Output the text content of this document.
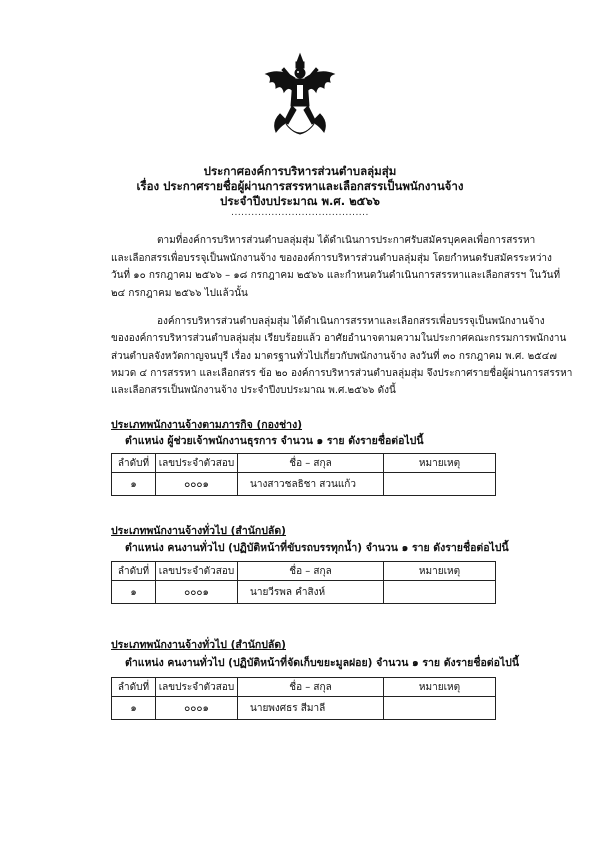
ประกาศองค์การบริหารส่วนตำบลลุ่มสุ่ม
เรื่อง ประกาศรายชื่อผู้ผ่านการสรรหาและเลือกสรรเป็นพนักงานจ้าง
ประจำปีงบประมาณ พ.ศ. ๒๕๖๖
.........................................
ตามที่องค์การบริหารส่วนตำบลลุ่มสุ่ม ได้ดำเนินการประกาศรับสมัครบุคคลเพื่อการสรรหา
และเลือกสรรเพื่อบรรจุเป็นพนักงานจ้าง ขององค์การบริหารส่วนตำบลลุ่มสุ่ม โดยกำหนดรับสมัครระหว่าง
วันที่ ๑๐ กรกฎาคม ๒๕๖๖ – ๑๘ กรกฎาคม ๒๕๖๖ และกำหนดวันดำเนินการสรรหาและเลือกสรรฯ ในวันที่
๒๔ กรกฎาคม ๒๕๖๖ ไปแล้วนั้น
องค์การบริหารส่วนตำบลลุ่มสุ่ม ได้ดำเนินการสรรหาและเลือกสรรเพื่อบรรจุเป็นพนักงานจ้าง
ขององค์การบริหารส่วนตำบลลุ่มสุ่ม เรียบร้อยแล้ว อาศัยอำนาจตามความในประกาศคณะกรรมการพนักงาน
ส่วนตำบลจังหวัดกาญจนบุรี เรื่อง มาตรฐานทั่วไปเกี่ยวกับพนักงานจ้าง ลงวันที่ ๓๐ กรกฎาคม พ.ศ. ๒๕๔๗
หมวด ๔ การสรรหา และเลือกสรร ข้อ ๒๐ องค์การบริหารส่วนตำบลลุ่มสุ่ม จึงประกาศรายชื่อผู้ผ่านการสรรหา
และเลือกสรรเป็นพนักงานจ้าง ประจำปีงบประมาณ พ.ศ.๒๕๖๖ ดังนี้
ประเภทพนักงานจ้างตามภารกิจ (กองช่าง)
ตำแหน่ง ผู้ช่วยเจ้าพนักงานธุรการ จำนวน ๑ ราย ดังรายชื่อต่อไปนี้
ลำดับที่	เลขประจำตัวสอบ	ชื่อ – สกุล	หมายเหตุ
๑	๐๐๐๑	นางสาวชลธิชา สวนแก้ว	
ประเภทพนักงานจ้างทั่วไป (สำนักปลัด)
ตำแหน่ง คนงานทั่วไป (ปฏิบัติหน้าที่ขับรถบรรทุกน้ำ) จำนวน ๑ ราย ดังรายชื่อต่อไปนี้
ลำดับที่	เลขประจำตัวสอบ	ชื่อ – สกุล	หมายเหตุ
๑	๐๐๐๑	นายวีรพล คำสิงห์	
ประเภทพนักงานจ้างทั่วไป (สำนักปลัด)
ตำแหน่ง คนงานทั่วไป (ปฏิบัติหน้าที่จัดเก็บขยะมูลฝอย) จำนวน ๑ ราย ดังรายชื่อต่อไปนี้
ลำดับที่	เลขประจำตัวสอบ	ชื่อ – สกุล	หมายเหตุ
๑	๐๐๐๑	นายพงศธร สีมาลี	
